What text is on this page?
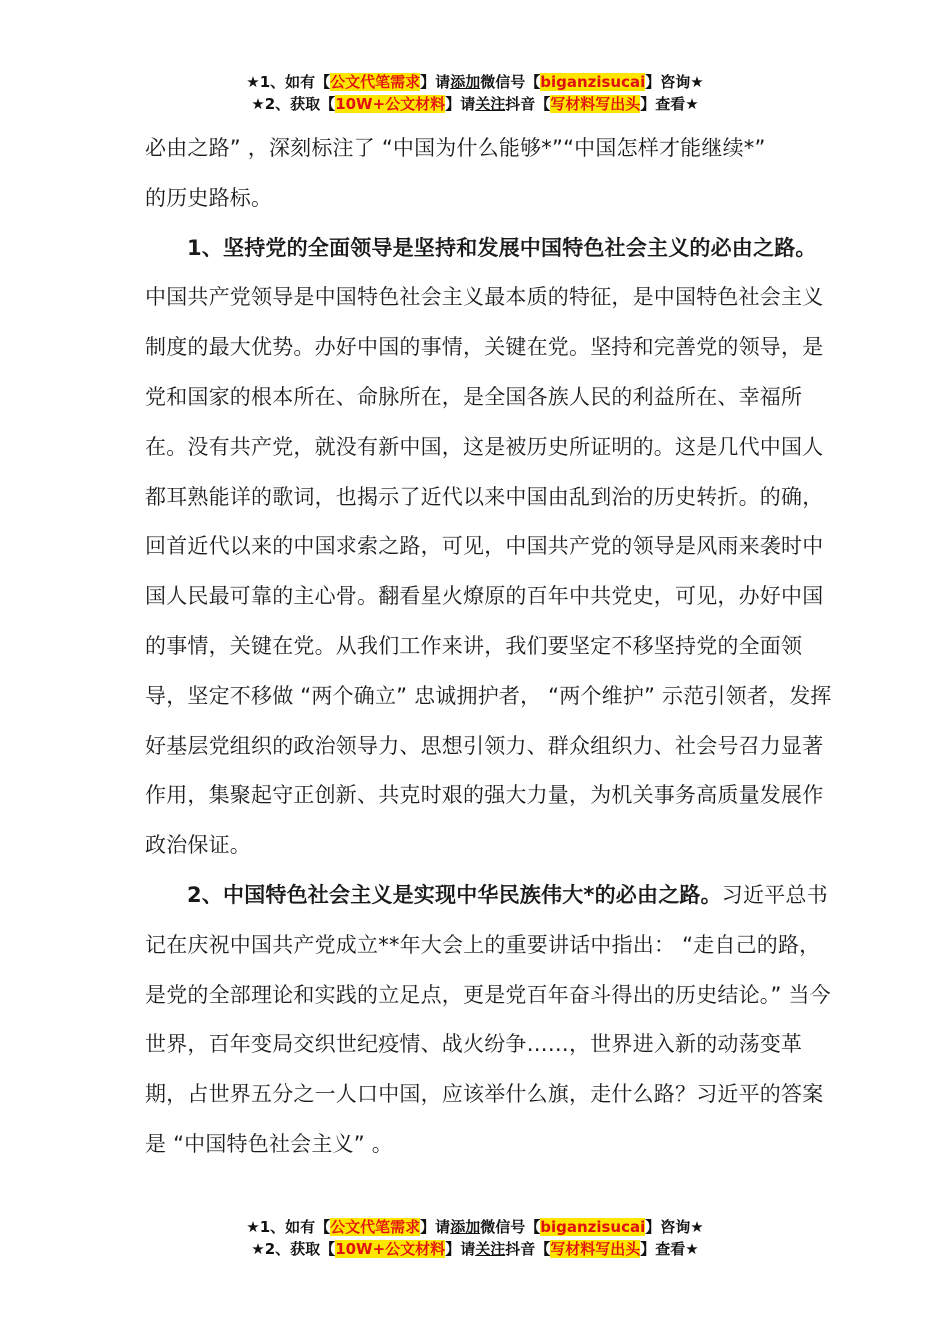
★1、如有【公文代笔需求】请添加微信号【biganzisucai】咨询★
★2、获取【10W+公文材料】请关注抖音【写材料写出头】查看★

必由之路” ，深刻标注了 “中国为什么能够*”“中国怎样才能继续*”

的历史路标。

1、坚持党的全面领导是坚持和发展中国特色社会主义的必由之路。中国共产党领导是中国特色社会主义最本质的特征，是中国特色社会主义制度的最大优势。办好中国的事情，关键在党。坚持和完善党的领导，是党和国家的根本所在、命脉所在，是全国各族人民的利益所在、幸福所在。没有共产党，就没有新中国，这是被历史所证明的。这是几代中国人都耳熟能详的歌词，也揭示了近代以来中国由乱到治的历史转折。的确，回首近代以来的中国求索之路，可见，中国共产党的领导是风雨来袭时中国人民最可靠的主心骨。翻看星火燎原的百年中共党史，可见，办好中国的事情，关键在党。从我们工作来讲，我们要坚定不移坚持党的全面领导，坚定不移做 “两个确立” 忠诚拥护者， “两个维护” 示范引领者，发挥好基层党组织的政治领导力、思想引领力、群众组织力、社会号召力显著作用，集聚起守正创新、共克时艰的强大力量，为机关事务高质量发展作政治保证。

2、中国特色社会主义是实现中华民族伟大*的必由之路。习近平总书记在庆祝中国共产党成立**年大会上的重要讲话中指出： “走自己的路，是党的全部理论和实践的立足点，更是党百年奋斗得出的历史结论。” 当今世界，百年变局交织世纪疫情、战火纷争……，世界进入新的动荡变革期，占世界五分之一人口中国，应该举什么旗，走什么路？习近平的答案是 “中国特色社会主义” 。

★1、如有【公文代笔需求】请添加微信号【biganzisucai】咨询★
★2、获取【10W+公文材料】请关注抖音【写材料写出头】查看★
